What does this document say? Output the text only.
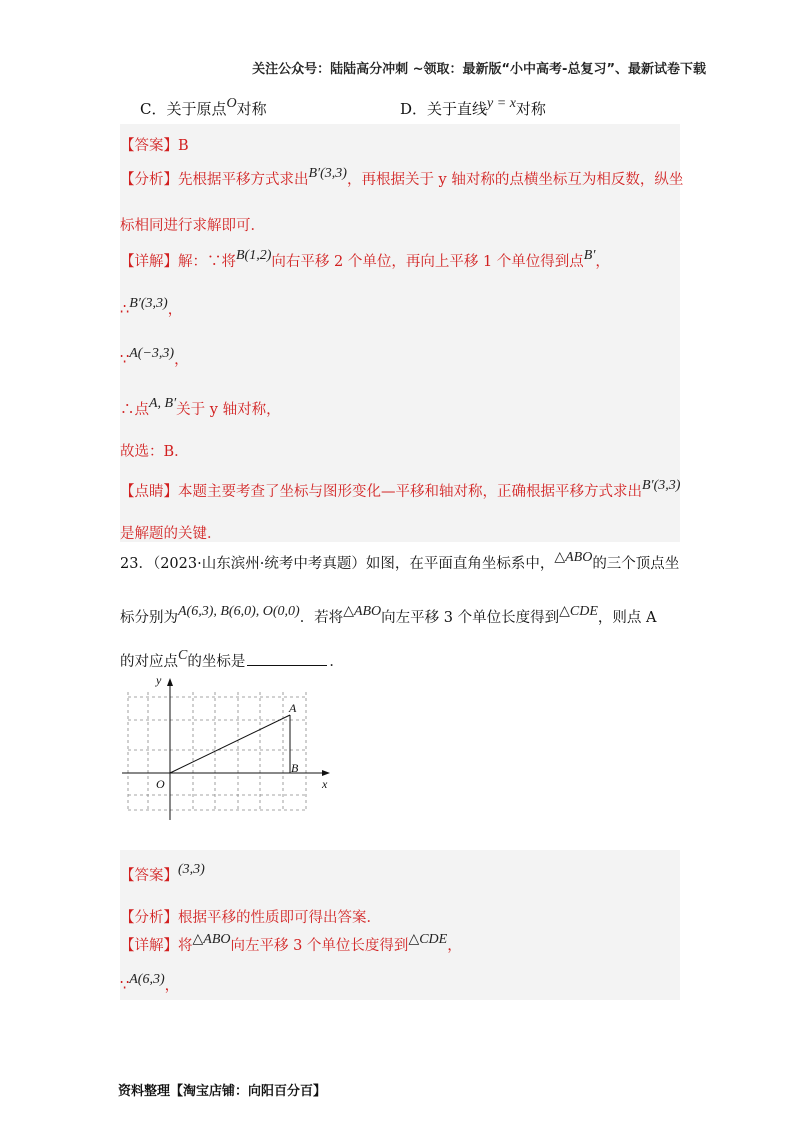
关注公众号：陆陆高分冲刺 ~领取：最新版“小中高考-总复习”、最新试卷下载
C．关于原点O对称	D．关于直线y = x对称
【答案】B
【分析】先根据平移方式求出B′(3,3)，再根据关于 y 轴对称的点横坐标互为相反数，纵坐
标相同进行求解即可．
【详解】解：∵将B(1,2)向右平移 2 个单位，再向上平移 1 个单位得到点B′，
∴B′(3,3)，
∵A(−3,3)，
∴点A, B′关于 y 轴对称，
故选：B．
【点睛】本题主要考查了坐标与图形变化—平移和轴对称，正确根据平移方式求出B′(3,3)
是解题的关键．
23．（2023·山东滨州·统考中考真题）如图，在平面直角坐标系中，△ABO的三个顶点坐
标分别为A(6,3), B(6,0), O(0,0)．若将△ABO向左平移 3 个单位长度得到△CDE，则点 A
的对应点C的坐标是	．
y
x
O
A
B
【答案】(3,3)
【分析】根据平移的性质即可得出答案．
【详解】将△ABO向左平移 3 个单位长度得到△CDE，
∵A(6,3)，
资料整理【淘宝店铺：向阳百分百】
